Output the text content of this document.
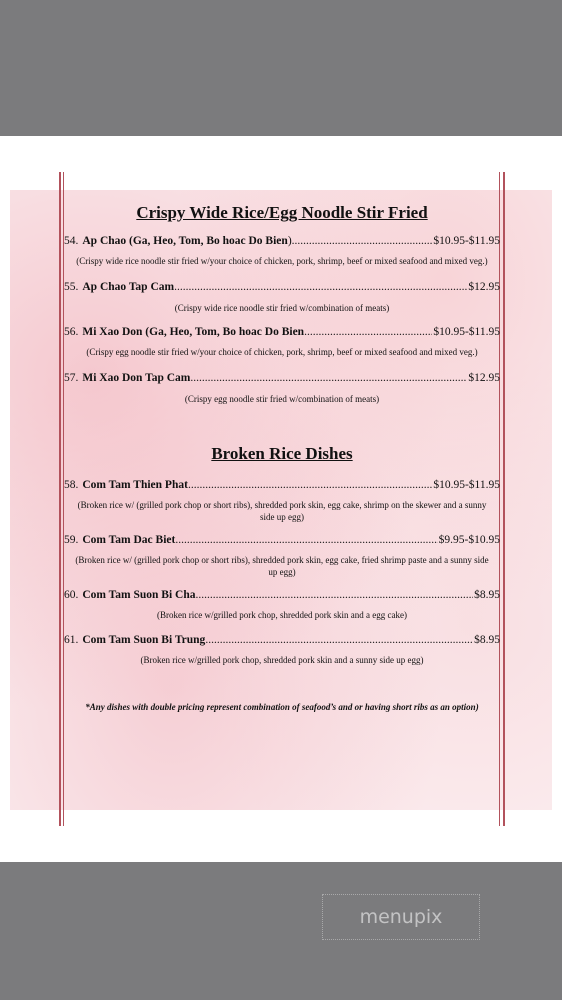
Crispy Wide Rice/Egg Noodle Stir Fried
54. Ap Chao (Ga, Heo, Tom, Bo hoac Do Bien ) .....	$10.95-$11.95
(Crispy wide rice noodle stir fried w/your choice of chicken, pork, shrimp, beef or mixed seafood and mixed veg.)
55. Ap Chao Tap Cam .....	$12.95
(Crispy wide rice noodle stir fried w/combination of meats)
56. Mi Xao Don (Ga, Heo, Tom, Bo hoac Do Bien .....	$10.95-$11.95
(Crispy egg noodle stir fried w/your choice of chicken, pork, shrimp, beef or mixed seafood and mixed veg.)
57. Mi Xao Don Tap Cam .....	$12.95
(Crispy egg noodle stir fried w/combination of meats)
Broken Rice Dishes
58. Com Tam Thien Phat .....	$10.95-$11.95
(Broken rice w/ (grilled pork chop or short ribs), shredded pork skin, egg cake, shrimp on the skewer and a sunny side up egg)
59. Com Tam Dac Biet .....	$9.95-$10.95
(Broken rice w/ (grilled pork chop or short ribs), shredded pork skin, egg cake, fried shrimp paste and a sunny side up egg)
60. Com Tam Suon Bi Cha .....	$8.95
(Broken rice w/grilled pork chop, shredded pork skin and a egg cake)
61. Com Tam Suon Bi Trung .....	$8.95
(Broken rice w/grilled pork chop, shredded pork skin and a sunny side up egg)
*Any dishes with double pricing represent combination of seafood’s and or having short ribs as an option)
menupix
